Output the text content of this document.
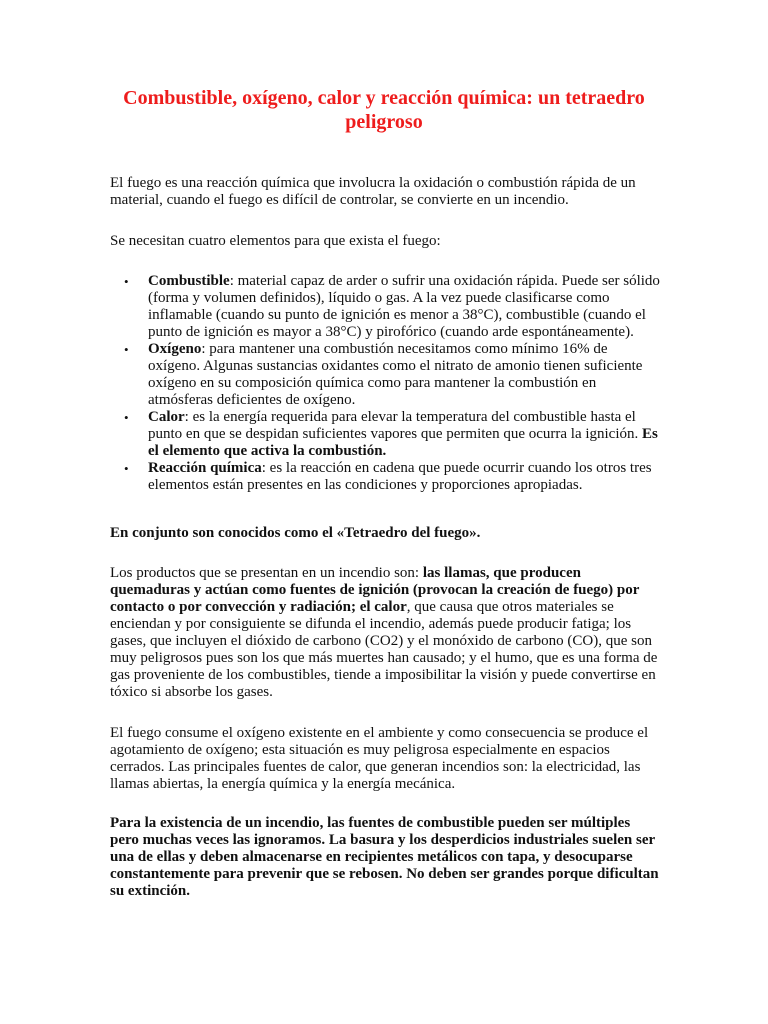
Combustible, oxígeno, calor y reacción química: un tetraedro peligroso

El fuego es una reacción química que involucra la oxidación o combustión rápida de un material, cuando el fuego es difícil de controlar, se convierte en un incendio.

Se necesitan cuatro elementos para que exista el fuego:

• Combustible: material capaz de arder o sufrir una oxidación rápida. Puede ser sólido (forma y volumen definidos), líquido o gas. A la vez puede clasificarse como inflamable (cuando su punto de ignición es menor a 38°C), combustible (cuando el punto de ignición es mayor a 38°C) y pirofórico (cuando arde espontáneamente).
• Oxígeno: para mantener una combustión necesitamos como mínimo 16% de oxígeno. Algunas sustancias oxidantes como el nitrato de amonio tienen suficiente oxígeno en su composición química como para mantener la combustión en atmósferas deficientes de oxígeno.
• Calor: es la energía requerida para elevar la temperatura del combustible hasta el punto en que se despidan suficientes vapores que permiten que ocurra la ignición. Es el elemento que activa la combustión.
• Reacción química: es la reacción en cadena que puede ocurrir cuando los otros tres elementos están presentes en las condiciones y proporciones apropiadas.

En conjunto son conocidos como el «Tetraedro del fuego».

Los productos que se presentan en un incendio son: las llamas, que producen quemaduras y actúan como fuentes de ignición (provocan la creación de fuego) por contacto o por convección y radiación; el calor, que causa que otros materiales se enciendan y por consiguiente se difunda el incendio, además puede producir fatiga; los gases, que incluyen el dióxido de carbono (CO2) y el monóxido de carbono (CO), que son muy peligrosos pues son los que más muertes han causado; y el humo, que es una forma de gas proveniente de los combustibles, tiende a imposibilitar la visión y puede convertirse en tóxico si absorbe los gases.

El fuego consume el oxígeno existente en el ambiente y como consecuencia se produce el agotamiento de oxígeno; esta situación es muy peligrosa especialmente en espacios cerrados. Las principales fuentes de calor, que generan incendios son: la electricidad, las llamas abiertas, la energía química y la energía mecánica.

Para la existencia de un incendio, las fuentes de combustible pueden ser múltiples pero muchas veces las ignoramos. La basura y los desperdicios industriales suelen ser una de ellas y deben almacenarse en recipientes metálicos con tapa, y desocuparse constantemente para prevenir que se rebosen. No deben ser grandes porque dificultan su extinción.
